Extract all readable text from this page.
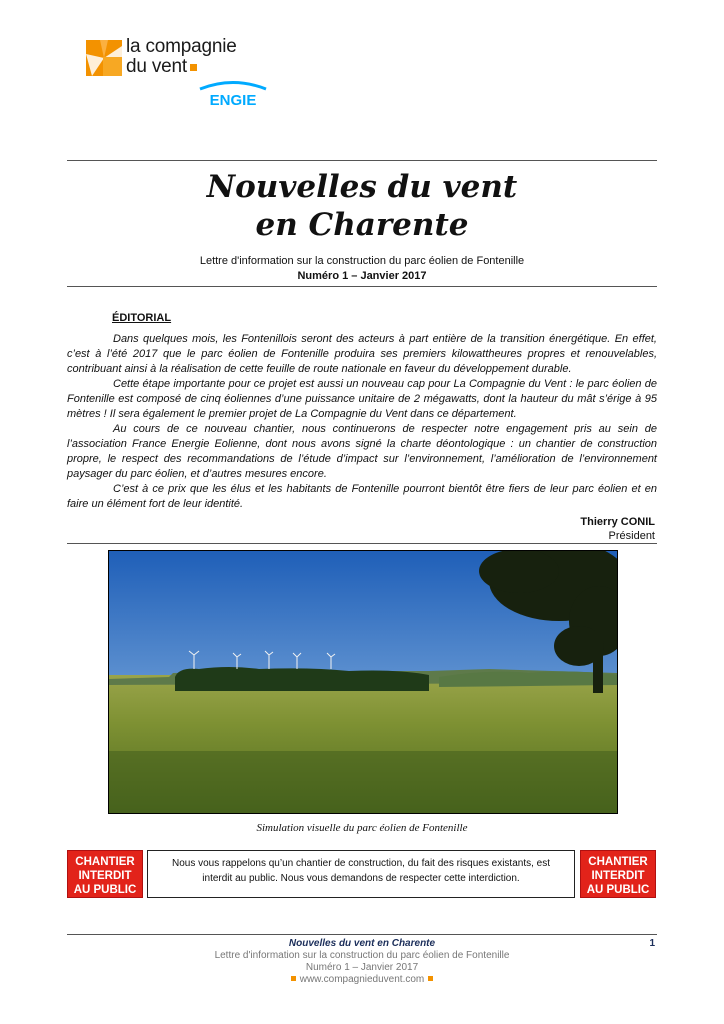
la compagnie
du vent
ENGIE
Nouvelles du vent
en Charente
Lettre d'information sur la construction du parc éolien de Fontenille
Numéro 1 – Janvier 2017
ÉDITORIAL

Dans quelques mois, les Fontenillois seront des acteurs à part entière de la transition énergétique. En effet, c’est à l’été 2017 que le parc éolien de Fontenille produira ses premiers kilowattheures propres et renouvelables, contribuant ainsi à la réalisation de cette feuille de route nationale en faveur du développement durable.

Cette étape importante pour ce projet est aussi un nouveau cap pour La Compagnie du Vent : le parc éolien de Fontenille est composé de cinq éoliennes d’une puissance unitaire de 2 mégawatts, dont la hauteur du mât s’érige à 95 mètres ! Il sera également le premier projet de La Compagnie du Vent dans ce département.

Au cours de ce nouveau chantier, nous continuerons de respecter notre engagement pris au sein de l’association France Energie Eolienne, dont nous avons signé la charte déontologique : un chantier de construction propre, le respect des recommandations de l’étude d’impact sur l’environnement, l’amélioration de l’environnement paysager du parc éolien, et d’autres mesures encore.

C’est à ce prix que les élus et les habitants de Fontenille pourront bientôt être fiers de leur parc éolien et en faire un élément fort de leur identité.

Thierry CONIL
Président
Simulation visuelle du parc éolien de Fontenille
CHANTIER
INTERDIT
AU PUBLIC
Nous vous rappelons qu’un chantier de construction, du fait des risques existants, est interdit au public. Nous vous demandons de respecter cette interdiction.
CHANTIER
INTERDIT
AU PUBLIC
Nouvelles du vent en Charente	1
Lettre d'information sur la construction du parc éolien de Fontenille
Numéro 1 – Janvier 2017
www.compagnieduvent.com
